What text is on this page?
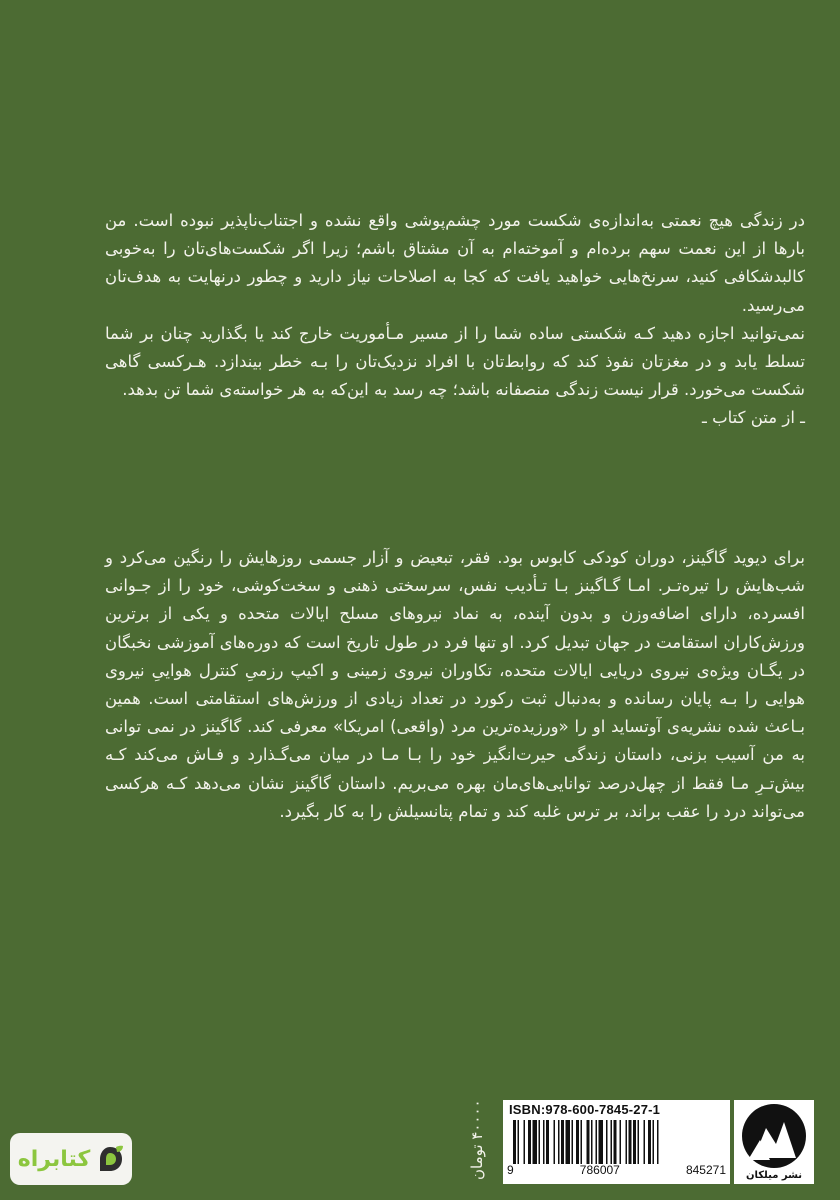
در زندگی هیچ نعمتی به‌اندازه‌ی شکست مورد چشم‌پوشی واقع نشده و اجتناب‌ناپذیر نبوده است. من بارها از این نعمت سهم برده‌ام و آموخته‌ام به آن مشتاق باشم؛ زیرا اگر شکست‌های‌تان را به‌خوبی کالبدشکافی کنید، سرنخ‌هایی خواهید یافت که کجا به اصلاحات نیاز دارید و چطور درنهایت به هدف‌تان می‌رسید.

نمی‌توانید اجازه دهید کـه شکستی ساده شما را از مسیر مـأموریت خارج کند یا بگذارید چنان بر شما تسلط یابد و در مغزتان نفوذ کند که روابط‌تان با افراد نزدیک‌تان را بـه خطر بیندازد. هـرکسی گاهی شکست می‌خورد. قرار نیست زندگی منصفانه باشد؛ چه رسد به این‌که به هر خواسته‌ی شما تن بدهد.

ـ از متن کتاب ـ

برای دیوید گاگینز، دوران کودکی کابوس بود. فقر، تبعیض و آزار جسمی روزهایش را رنگین می‌کرد و شب‌هایش را تیره‌تـر. امـا گـاگینز بـا تـأدیب نفس، سرسختی ذهنی و سخت‌کوشی، خود را از جـوانی افسرده، دارای اضافه‌وزن و بدون آینده، به نماد نیروهای مسلح ایالات متحده و یکی از برترین ورزش‌کاران استقامت در جهان تبدیل کرد. او تنها فرد در طول تاریخ است که دوره‌های آموزشی نخبگان در یگـان ویژه‌ی نیروی دریایی ایالات متحده، تکاوران نیروی زمینی و اکیپ رزمیِ کنترل هواییِ نیروی هوایی را بـه پایان رسانده و به‌دنبال ثبت رکورد در تعداد زیادی از ورزش‌های استقامتی است. همین بـاعث شده نشریه‌ی آوتساید او را «ورزیده‌ترین مرد (واقعی) امریکا» معرفی کند. گاگینز در نمی توانی به من آسیب بزنی، داستان زندگی حیرت‌انگیز خود را بـا مـا در میان می‌گـذارد و فـاش می‌کند کـه بیش‌تـرِ مـا فقط از چهل‌درصد توانایی‌های‌مان بهره می‌بریم. داستان گاگینز نشان می‌دهد کـه هرکسی می‌تواند درد را عقب براند، بر ترس غلبه کند و تمام پتانسیلش را به کار بگیرد.

کتابراه	۴۰۰۰۰ تومان	ISBN:978-600-7845-27-1
9	786007	845271	نشر میلکان
